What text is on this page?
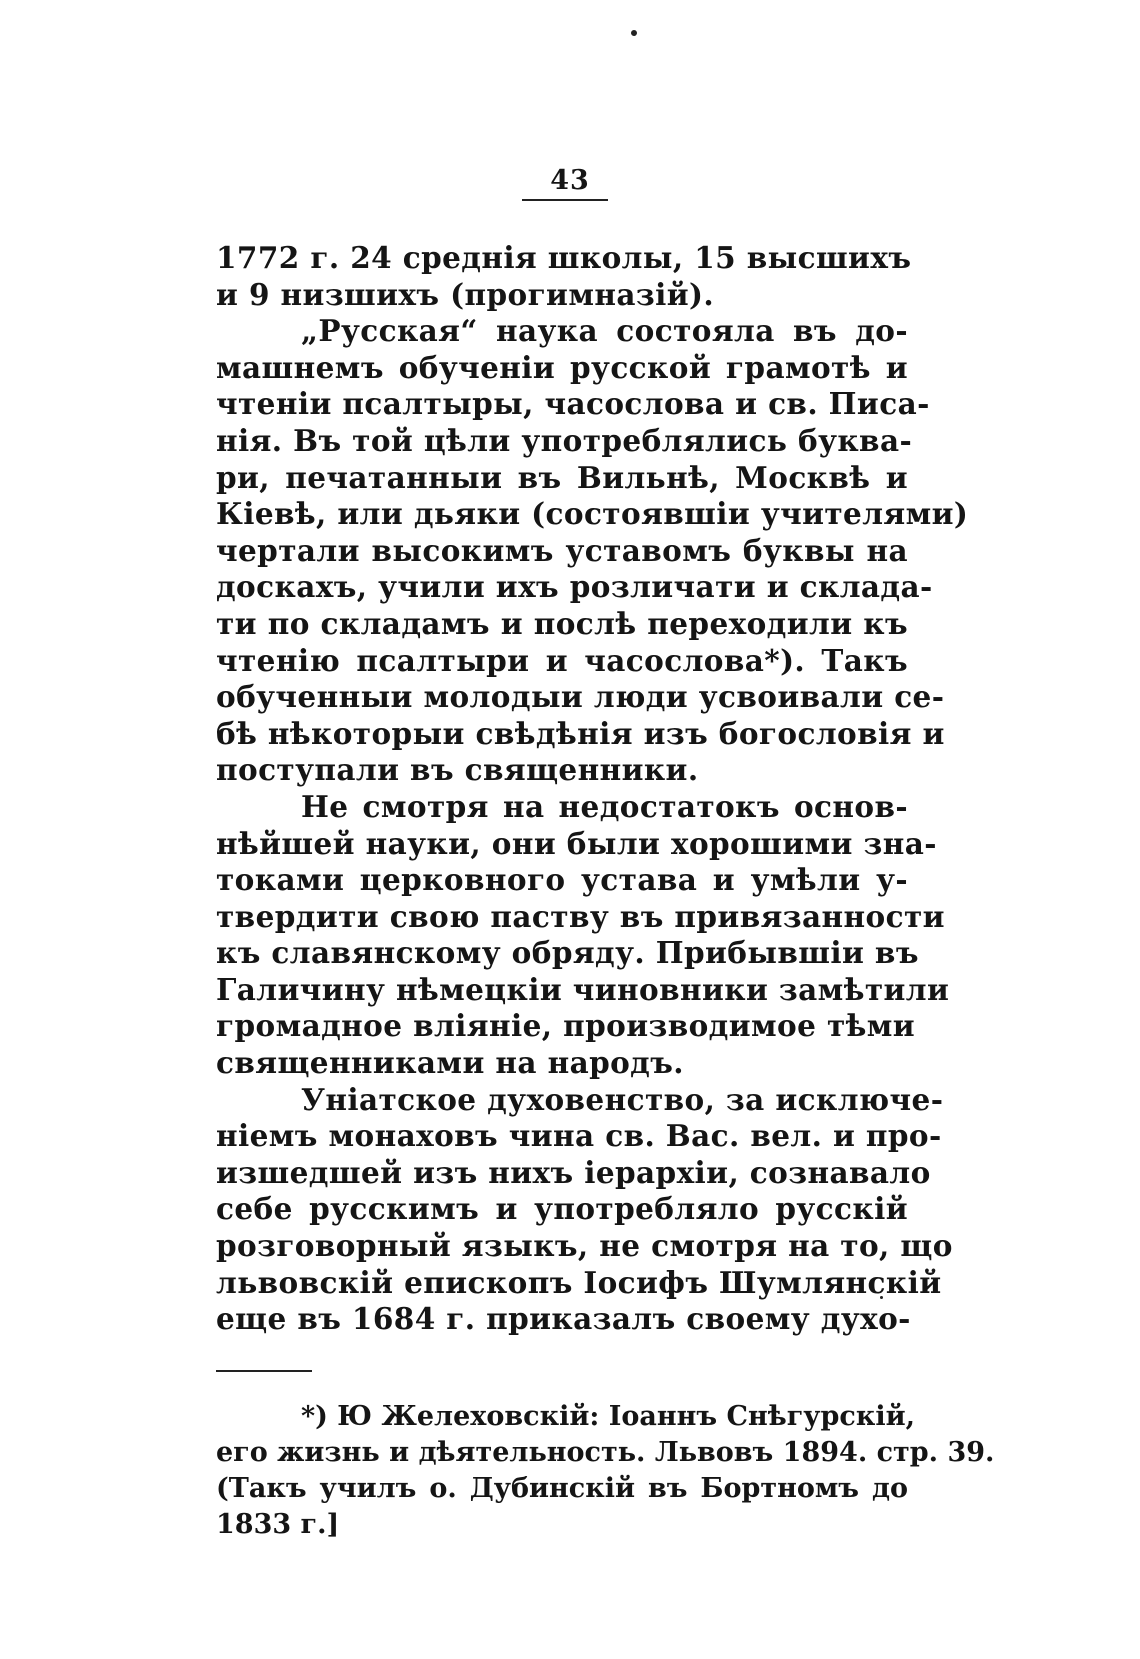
43
1772 г. 24 среднія школы, 15 высшихъ
и 9 низшихъ (прогимназій).
„Русская“ наука состояла въ до-
машнемъ обученіи русской грамотѣ и
чтеніи псалтыры, часослова и св. Писа-
нія. Въ той цѣли употреблялись буква-
ри, печатанныи въ Вильнѣ, Москвѣ и
Кіевѣ, или дьяки (состоявшіи учителями)
чертали высокимъ уставомъ буквы на
доскахъ, учили ихъ розличати и складa-
ти по складамъ и послѣ переходили къ
чтенію псалтыри и часослова*). Такъ
обученныи молодыи люди усвоивали се-
бѣ нѣкоторыи свѣдѣнія изъ богословія и
поступали въ священники.
Не смотря на недостатокъ основ-
нѣйшей науки, они были хорошими зна-
токами церковного устава и умѣли у-
твердити свою паству въ привязанности
къ славянскому обряду. Прибывшіи въ
Галичину нѣмецкіи чиновники замѣтили
громадное вліяніе, производимое тѣми
священниками на народъ.
Уніатское духовенство, за исключе-
ніемъ монаховъ чина св. Вас. вел. и про-
изшедшей изъ нихъ іерархіи, сознавало
себе русскимъ и употребляло русскій
розговорный языкъ, не смотря на то, що
львовскій епископъ Іосифъ Шумлянскій
еще въ 1684 г. приказалъ своему духо-
*) Ю Желеховскій: Іоаннъ Снѣгурскій,
его жизнь и дѣятельность. Львовъ 1894. стр. 39.
(Такъ училъ о. Дубинскій въ Бортномъ до
1833 г.]
